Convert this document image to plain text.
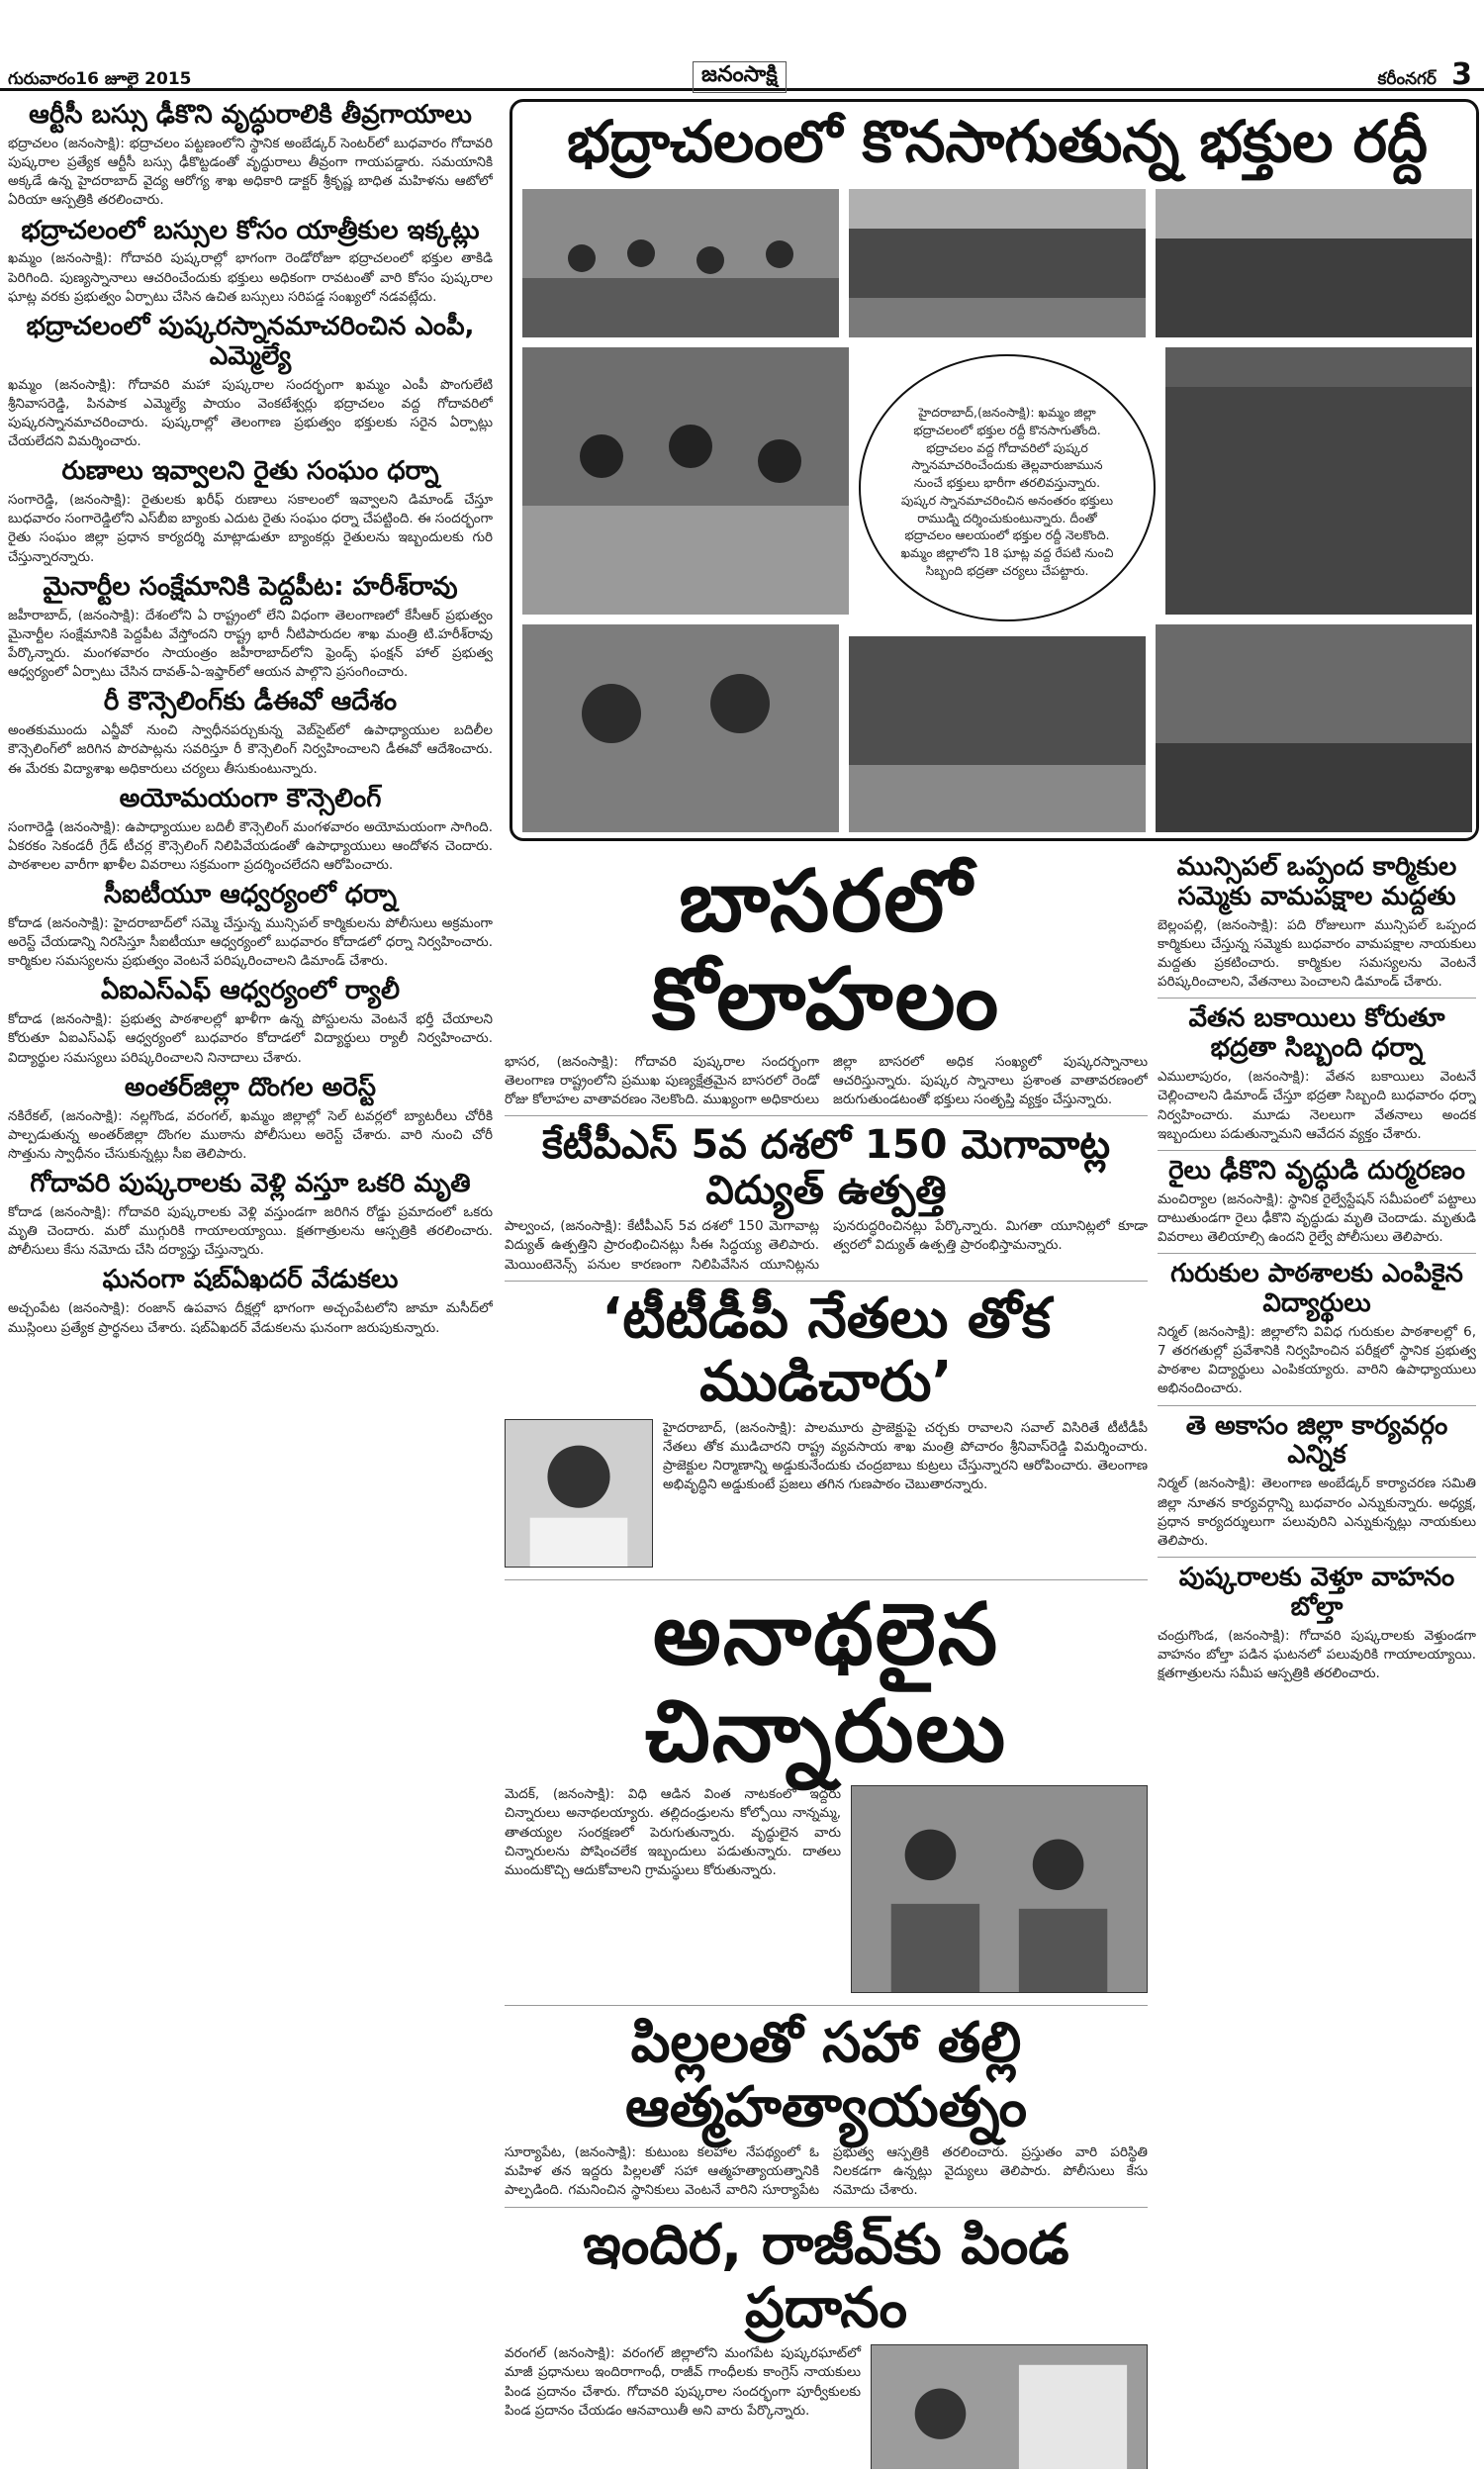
గురువారం16 జూలై 2015	జనంసాక్షి	కరీంనగర్ 3
ఆర్టీసీ బస్సు ఢీకొని వృద్ధురాలికి తీవ్రగాయాలు
భద్రాచలం (జనంసాక్షి): భద్రాచలం పట్టణంలోని స్థానిక అంబేడ్కర్ సెంటర్‌లో బుధవారం గోదావరి పుష్కరాల ప్రత్యేక ఆర్టీసీ బస్సు ఢీకొట్టడంతో వృద్ధురాలు తీవ్రంగా గాయపడ్డారు. సమయానికి అక్కడే ఉన్న హైదరాబాద్ వైద్య ఆరోగ్య శాఖ అధికారి డాక్టర్ శ్రీకృష్ణ బాధిత మహిళను ఆటోలో ఏరియా ఆస్పత్రికి తరలించారు.
భద్రాచలంలో బస్సుల కోసం యాత్రీకుల ఇక్కట్లు
ఖమ్మం (జనంసాక్షి): గోదావరి పుష్కరాల్లో భాగంగా రెండోరోజూ భద్రాచలంలో భక్తుల తాకిడి పెరిగింది. పుణ్యస్నానాలు ఆచరించేందుకు భక్తులు అధికంగా రావటంతో వారి కోసం పుష్కరాల ఘాట్ల వరకు ప్రభుత్వం ఏర్పాటు చేసిన ఉచిత బస్సులు సరిపడ్డ సంఖ్యలో నడవట్లేదు.
భద్రాచలంలో పుష్కరస్నానమాచరించిన ఎంపీ, ఎమ్మెల్యే
ఖమ్మం (జనంసాక్షి): గోదావరి మహా పుష్కరాల సందర్భంగా ఖమ్మం ఎంపీ పొంగులేటి శ్రీనివాసరెడ్డి, పినపాక ఎమ్మెల్యే పాయం వెంకటేశ్వర్లు భద్రాచలం వద్ద గోదావరిలో పుష్కరస్నానమాచరించారు. పుష్కరాల్లో తెలంగాణ ప్రభుత్వం భక్తులకు సరైన ఏర్పాట్లు చేయలేదని విమర్శించారు.
రుణాలు ఇవ్వాలని రైతు సంఘం ధర్నా
సంగారెడ్డి, (జనంసాక్షి): రైతులకు ఖరీఫ్ రుణాలు సకాలంలో ఇవ్వాలని డిమాండ్ చేస్తూ బుధవారం సంగారెడ్డిలోని ఎస్‌బీఐ బ్యాంకు ఎదుట రైతు సంఘం ధర్నా చేపట్టింది. ఈ సందర్భంగా రైతు సంఘం జిల్లా ప్రధాన కార్యదర్శి మాట్లాడుతూ బ్యాంకర్లు రైతులను ఇబ్బందులకు గురి చేస్తున్నారన్నారు.
మైనార్టీల సంక్షేమానికి పెద్దపీట: హరీశ్‌రావు
జహీరాబాద్, (జనంసాక్షి): దేశంలోని ఏ రాష్ట్రంలో లేని విధంగా తెలంగాణలో కేసీఆర్ ప్రభుత్వం మైనార్టీల సంక్షేమానికి పెద్దపీట వేస్తోందని రాష్ట్ర భారీ నీటిపారుదల శాఖ మంత్రి టి.హరీశ్‌రావు పేర్కొన్నారు. మంగళవారం సాయంత్రం జహీరాబాద్‌లోని ఫ్రెండ్స్ ఫంక్షన్ హాల్ ప్రభుత్వ ఆధ్వర్యంలో ఏర్పాటు చేసిన దావత్-ఏ-ఇఫ్తార్‌లో ఆయన పాల్గొని ప్రసంగించారు.
రీ కౌన్సెలింగ్‌కు డీఈవో ఆదేశం
అంతకుముందు ఎన్జీవో నుంచి స్వాధీనపర్చుకున్న వెబ్‌సైట్‌లో ఉపాధ్యాయుల బదిలీల కౌన్సెలింగ్‌లో జరిగిన పొరపాట్లను సవరిస్తూ రీ కౌన్సెలింగ్ నిర్వహించాలని డీఈవో ఆదేశించారు. ఈ మేరకు విద్యాశాఖ అధికారులు చర్యలు తీసుకుంటున్నారు.
అయోమయంగా కౌన్సెలింగ్
సంగారెడ్డి (జనంసాక్షి): ఉపాధ్యాయుల బదిలీ కౌన్సెలింగ్ మంగళవారం అయోమయంగా సాగింది. ఏకరకం సెకండరీ గ్రేడ్ టీచర్ల కౌన్సెలింగ్ నిలిపివేయడంతో ఉపాధ్యాయులు ఆందోళన చెందారు. పాఠశాలల వారీగా ఖాళీల వివరాలు సక్రమంగా ప్రదర్శించలేదని ఆరోపించారు.
సీఐటీయూ ఆధ్వర్యంలో ధర్నా
కోదాడ (జనంసాక్షి): హైదరాబాద్‌లో సమ్మె చేస్తున్న మున్సిపల్ కార్మికులను పోలీసులు అక్రమంగా అరెస్ట్ చేయడాన్ని నిరసిస్తూ సీఐటీయూ ఆధ్వర్యంలో బుధవారం కోదాడలో ధర్నా నిర్వహించారు. కార్మికుల సమస్యలను ప్రభుత్వం వెంటనే పరిష్కరించాలని డిమాండ్ చేశారు.
ఏఐఎస్ఎఫ్ ఆధ్వర్యంలో ర్యాలీ
కోదాడ (జనంసాక్షి): ప్రభుత్వ పాఠశాలల్లో ఖాళీగా ఉన్న పోస్టులను వెంటనే భర్తీ చేయాలని కోరుతూ ఏఐఎస్ఎఫ్ ఆధ్వర్యంలో బుధవారం కోదాడలో విద్యార్థులు ర్యాలీ నిర్వహించారు. విద్యార్థుల సమస్యలు పరిష్కరించాలని నినాదాలు చేశారు.
అంతర్‌జిల్లా దొంగల అరెస్ట్
నకిరేకల్, (జనంసాక్షి): నల్లగొండ, వరంగల్, ఖమ్మం జిల్లాల్లో సెల్ టవర్లలో బ్యాటరీలు చోరీకి పాల్పడుతున్న అంతర్‌జిల్లా దొంగల ముఠాను పోలీసులు అరెస్ట్ చేశారు. వారి నుంచి చోరీ సొత్తును స్వాధీనం చేసుకున్నట్లు సీఐ తెలిపారు.
గోదావరి పుష్కరాలకు వెళ్లి వస్తూ ఒకరి మృతి
కోదాడ (జనంసాక్షి): గోదావరి పుష్కరాలకు వెళ్లి వస్తుండగా జరిగిన రోడ్డు ప్రమాదంలో ఒకరు మృతి చెందారు. మరో ముగ్గురికి గాయాలయ్యాయి. క్షతగాత్రులను ఆస్పత్రికి తరలించారు. పోలీసులు కేసు నమోదు చేసి దర్యాప్తు చేస్తున్నారు.
ఘనంగా షబ్‌ఏఖదర్ వేడుకలు
అచ్చంపేట (జనంసాక్షి): రంజాన్ ఉపవాస దీక్షల్లో భాగంగా అచ్చంపేటలోని జామా మసీద్‌లో ముస్లింలు ప్రత్యేక ప్రార్థనలు చేశారు. షబ్‌ఏఖదర్ వేడుకలను ఘనంగా జరుపుకున్నారు.
భద్రాచలంలో కొనసాగుతున్న భక్తుల రద్దీ
హైదరాబాద్,(జనంసాక్షి): ఖమ్మం జిల్లా భద్రాచలంలో భక్తుల రద్దీ కొనసాగుతోంది. భద్రాచలం వద్ద గోదావరిలో పుష్కర స్నానమాచరించేందుకు తెల్లవారుజామున నుంచే భక్తులు భారీగా తరలివస్తున్నారు. పుష్కర స్నానమాచరించిన అనంతరం భక్తులు రాముడ్ని దర్శించుకుంటున్నారు. దీంతో భద్రాచలం ఆలయంలో భక్తుల రద్దీ నెలకొంది. ఖమ్మం జిల్లాలోని 18 ఘాట్ల వద్ద రేపటి నుంచి సిబ్బంది భద్రతా చర్యలు చేపట్టారు.
బాసరలో కోలాహలం
భాసర, (జనంసాక్షి): గోదావరి పుష్కరాల సందర్భంగా తెలంగాణ రాష్ట్రంలోని ప్రముఖ పుణ్యక్షేత్రమైన బాసరలో రెండో రోజు కోలాహల వాతావరణం నెలకొంది. ముఖ్యంగా అధికారులు జిల్లా బాసరలో అధిక సంఖ్యలో పుష్కరస్నానాలు ఆచరిస్తున్నారు. పుష్కర స్నానాలు ప్రశాంత వాతావరణంలో జరుగుతుండటంతో భక్తులు సంతృప్తి వ్యక్తం చేస్తున్నారు.
కేటీపీఎస్ 5వ దశలో 150 మెగావాట్ల విద్యుత్ ఉత్పత్తి
పాల్వంచ, (జనంసాక్షి): కేటీపీఎస్ 5వ దశలో 150 మెగావాట్ల విద్యుత్ ఉత్పత్తిని ప్రారంభించినట్లు సీఈ సిద్ధయ్య తెలిపారు. మెయింటెనెన్స్ పనుల కారణంగా నిలిపివేసిన యూనిట్లను పునరుద్ధరించినట్లు పేర్కొన్నారు. మిగతా యూనిట్లలో కూడా త్వరలో విద్యుత్ ఉత్పత్తి ప్రారంభిస్తామన్నారు.
‘టీటీడీపీ నేతలు తోక ముడిచారు’
హైదరాబాద్, (జనంసాక్షి): పాలమూరు ప్రాజెక్టుపై చర్చకు రావాలని సవాల్ విసిరితే టీటీడీపీ నేతలు తోక ముడిచారని రాష్ట్ర వ్యవసాయ శాఖ మంత్రి పోచారం శ్రీనివాస్‌రెడ్డి విమర్శించారు. ప్రాజెక్టుల నిర్మాణాన్ని అడ్డుకునేందుకు చంద్రబాబు కుట్రలు చేస్తున్నారని ఆరోపించారు. తెలంగాణ అభివృద్ధిని అడ్డుకుంటే ప్రజలు తగిన గుణపాఠం చెబుతారన్నారు.
అనాథలైన చిన్నారులు
మెదక్, (జనంసాక్షి): విధి ఆడిన వింత నాటకంలో ఇద్దరు చిన్నారులు అనాథలయ్యారు. తల్లిదండ్రులను కోల్పోయి నాన్నమ్మ, తాతయ్యల సంరక్షణలో పెరుగుతున్నారు. వృద్ధులైన వారు చిన్నారులను పోషించలేక ఇబ్బందులు పడుతున్నారు. దాతలు ముందుకొచ్చి ఆదుకోవాలని గ్రామస్థులు కోరుతున్నారు.
పిల్లలతో సహా తల్లి ఆత్మహత్యాయత్నం
సూర్యాపేట, (జనంసాక్షి): కుటుంబ కలహాల నేపథ్యంలో ఓ మహిళ తన ఇద్దరు పిల్లలతో సహా ఆత్మహత్యాయత్నానికి పాల్పడింది. గమనించిన స్థానికులు వెంటనే వారిని సూర్యాపేట ప్రభుత్వ ఆస్పత్రికి తరలించారు. ప్రస్తుతం వారి పరిస్థితి నిలకడగా ఉన్నట్లు వైద్యులు తెలిపారు. పోలీసులు కేసు నమోదు చేశారు.
ఇందిర, రాజీవ్‌కు పిండ ప్రదానం
వరంగల్ (జనంసాక్షి): వరంగల్ జిల్లాలోని మంగపేట పుష్కరఘాట్‌లో మాజీ ప్రధానులు ఇందిరాగాంధీ, రాజీవ్ గాంధీలకు కాంగ్రెస్ నాయకులు పిండ ప్రదానం చేశారు. గోదావరి పుష్కరాల సందర్భంగా పూర్వీకులకు పిండ ప్రదానం చేయడం ఆనవాయితీ అని వారు పేర్కొన్నారు.
మున్సిపల్ ఒప్పంద కార్మికుల సమ్మెకు వామపక్షాల మద్దతు
బెల్లంపల్లి, (జనంసాక్షి): పది రోజులుగా మున్సిపల్ ఒప్పంద కార్మికులు చేస్తున్న సమ్మెకు బుధవారం వామపక్షాల నాయకులు మద్దతు ప్రకటించారు. కార్మికుల సమస్యలను వెంటనే పరిష్కరించాలని, వేతనాలు పెంచాలని డిమాండ్ చేశారు.
వేతన బకాయిలు కోరుతూ భద్రతా సిబ్బంది ధర్నా
ఎములాపురం, (జనంసాక్షి): వేతన బకాయిలు వెంటనే చెల్లించాలని డిమాండ్ చేస్తూ భద్రతా సిబ్బంది బుధవారం ధర్నా నిర్వహించారు. మూడు నెలలుగా వేతనాలు అందక ఇబ్బందులు పడుతున్నామని ఆవేదన వ్యక్తం చేశారు.
రైలు ఢీకొని వృద్ధుడి దుర్మరణం
మంచిర్యాల (జనంసాక్షి): స్థానిక రైల్వేస్టేషన్ సమీపంలో పట్టాలు దాటుతుండగా రైలు ఢీకొని వృద్ధుడు మృతి చెందాడు. మృతుడి వివరాలు తెలియాల్సి ఉందని రైల్వే పోలీసులు తెలిపారు.
గురుకుల పాఠశాలకు ఎంపికైన విద్యార్థులు
నిర్మల్ (జనంసాక్షి): జిల్లాలోని వివిధ గురుకుల పాఠశాలల్లో 6, 7 తరగతుల్లో ప్రవేశానికి నిర్వహించిన పరీక్షలో స్థానిక ప్రభుత్వ పాఠశాల విద్యార్థులు ఎంపికయ్యారు. వారిని ఉపాధ్యాయులు అభినందించారు.
తె అకాసం జిల్లా కార్యవర్గం ఎన్నిక
నిర్మల్ (జనంసాక్షి): తెలంగాణ అంబేడ్కర్ కార్యాచరణ సమితి జిల్లా నూతన కార్యవర్గాన్ని బుధవారం ఎన్నుకున్నారు. అధ్యక్ష, ప్రధాన కార్యదర్శులుగా పలువురిని ఎన్నుకున్నట్లు నాయకులు తెలిపారు.
పుష్కరాలకు వెళ్తూ వాహనం బోల్తా
చంద్రుగొండ, (జనంసాక్షి): గోదావరి పుష్కరాలకు వెళ్తుండగా వాహనం బోల్తా పడిన ఘటనలో పలువురికి గాయాలయ్యాయి. క్షతగాత్రులను సమీప ఆస్పత్రికి తరలించారు.
